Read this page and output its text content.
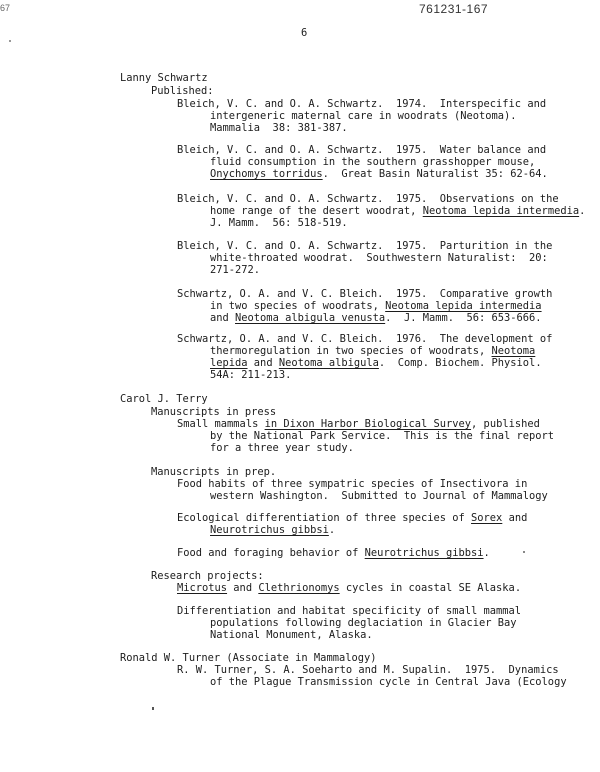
67	761231-167
6
Lanny Schwartz
Published:
Bleich, V. C. and O. A. Schwartz.  1974.  Interspecific and
intergeneric maternal care in woodrats (Neotoma).
Mammalia  38: 381-387.
Bleich, V. C. and O. A. Schwartz.  1975.  Water balance and
fluid consumption in the southern grasshopper mouse,
Onychomys torridus.  Great Basin Naturalist 35: 62-64.
Bleich, V. C. and O. A. Schwartz.  1975.  Observations on the
home range of the desert woodrat, Neotoma lepida intermedia.
J. Mamm.  56: 518-519.
Bleich, V. C. and O. A. Schwartz.  1975.  Parturition in the
white-throated woodrat.  Southwestern Naturalist:  20:
271-272.
Schwartz, O. A. and V. C. Bleich.  1975.  Comparative growth
in two species of woodrats, Neotoma lepida intermedia
and Neotoma albigula venusta.  J. Mamm.  56: 653-666.
Schwartz, O. A. and V. C. Bleich.  1976.  The development of
thermoregulation in two species of woodrats, Neotoma
lepida and Neotoma albigula.  Comp. Biochem. Physiol.
54A: 211-213.
Carol J. Terry
Manuscripts in press
Small mammals in Dixon Harbor Biological Survey, published
by the National Park Service.  This is the final report
for a three year study.
Manuscripts in prep.
Food habits of three sympatric species of Insectivora in
western Washington.  Submitted to Journal of Mammalogy
Ecological differentiation of three species of Sorex and
Neurotrichus gibbsi.
Food and foraging behavior of Neurotrichus gibbsi.
Research projects:
Microtus and Clethrionomys cycles in coastal SE Alaska.
Differentiation and habitat specificity of small mammal
populations following deglaciation in Glacier Bay
National Monument, Alaska.
Ronald W. Turner (Associate in Mammalogy)
R. W. Turner, S. A. Soeharto and M. Supalin.  1975.  Dynamics
of the Plague Transmission cycle in Central Java (Ecology
